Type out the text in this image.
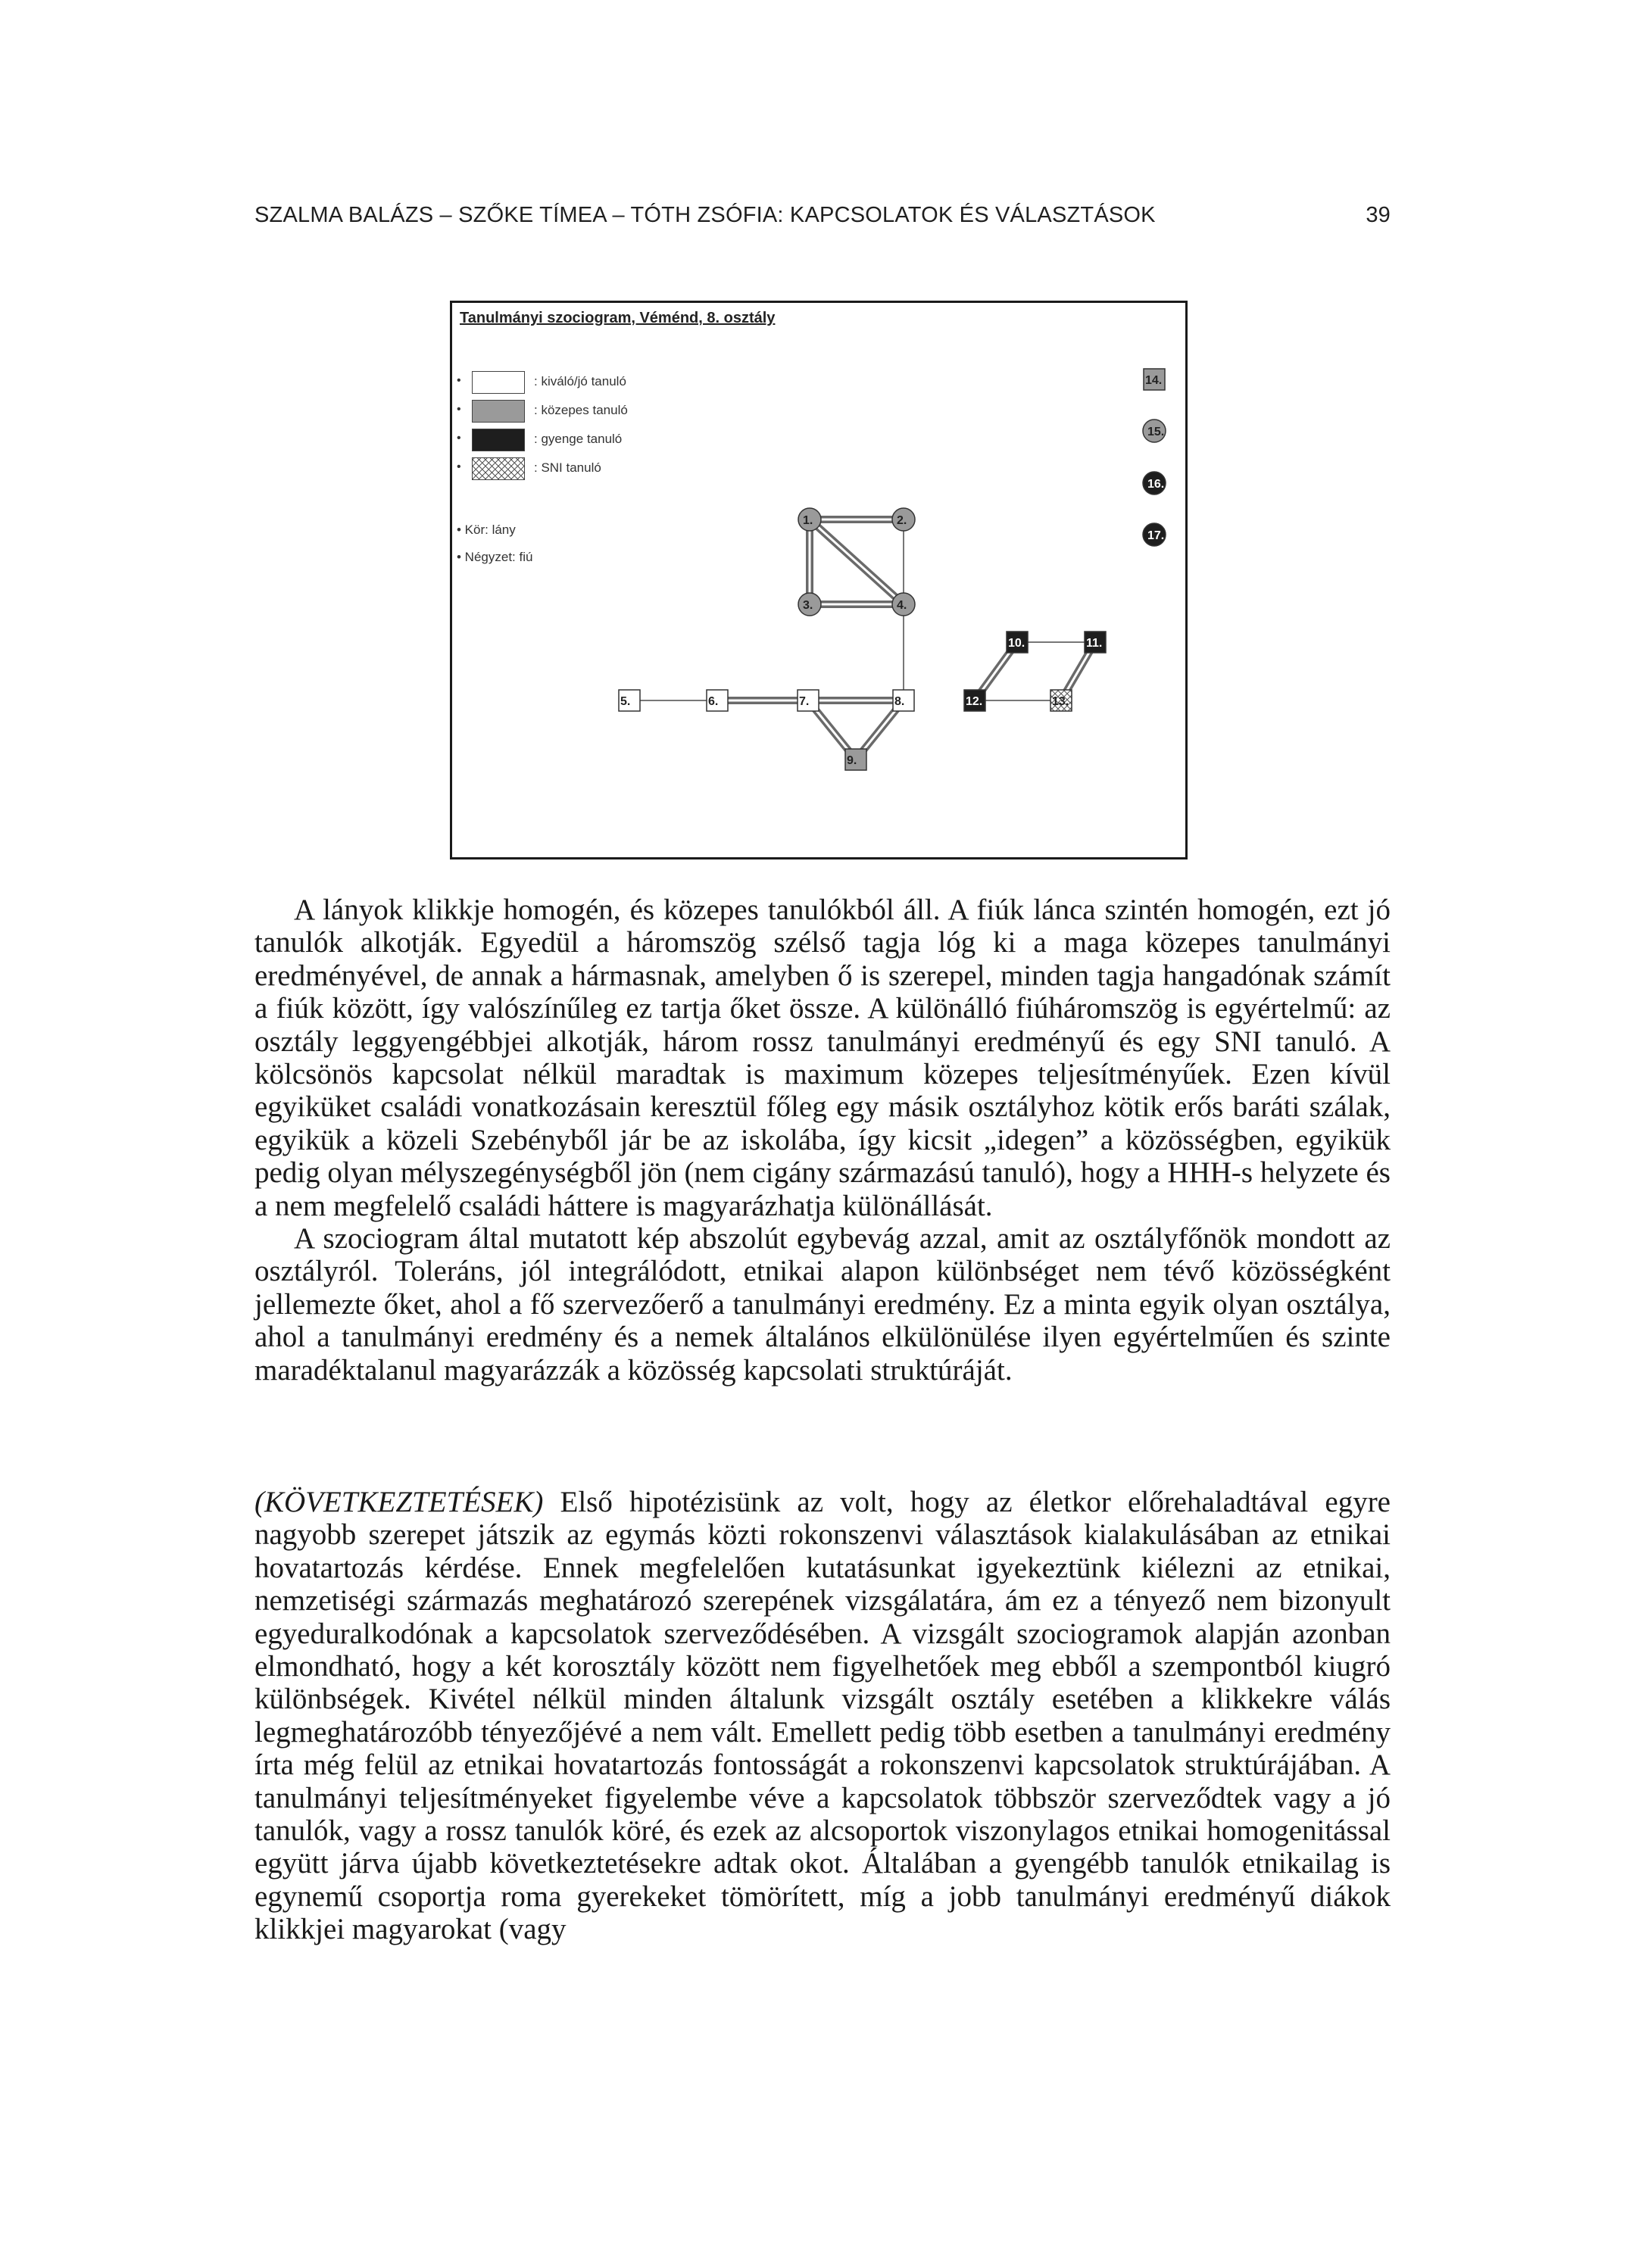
SZALMA BALÁZS – SZŐKE TÍMEA – TÓTH ZSÓFIA: KAPCSOLATOK ÉS VÁLASZTÁSOK	39
1.	2.
3.	4.
5.	6.	7.	8.
9.
10.	11.
12.	13.
14.
15.
16.
17.
Tanulmányi szociogram, Véménd, 8. osztály
•	: kiváló/jó tanuló
•	: közepes tanuló
•	: gyenge tanuló
•	: SNI tanuló
• Kör: lány
• Négyzet: fiú

A lányok klikkje homogén, és közepes tanulókból áll. A fiúk lánca szintén homogén, ezt jó tanulók alkotják. Egyedül a háromszög szélső tagja lóg ki a maga közepes tanulmányi eredményével, de annak a hármasnak, amelyben ő is szerepel, minden tagja hangadónak számít a fiúk között, így valószínűleg ez tartja őket össze. A különálló fiúháromszög is egyértelmű: az osztály leggyengébbjei alkotják, három rossz tanulmányi eredményű és egy SNI tanuló. A kölcsönös kapcsolat nélkül maradtak is maximum közepes teljesítményűek. Ezen kívül egyiküket családi vonatkozásain keresztül főleg egy másik osztályhoz kötik erős baráti szálak, egyikük a közeli Szebényből jár be az iskolába, így kicsit „idegen” a közösségben, egyikük pedig olyan mélyszegénységből jön (nem cigány származású tanuló), hogy a HHH-s helyzete és a nem megfelelő családi háttere is magyarázhatja különállását.

A szociogram által mutatott kép abszolút egybevág azzal, amit az osztályfőnök mondott az osztályról. Toleráns, jól integrálódott, etnikai alapon különbséget nem tévő közösségként jellemezte őket, ahol a fő szervezőerő a tanulmányi eredmény. Ez a minta egyik olyan osztálya, ahol a tanulmányi eredmény és a nemek általános elkülönülése ilyen egyértelműen és szinte maradéktalanul magyarázzák a közösség kapcsolati struktúráját.

(KÖVETKEZTETÉSEK) Első hipotézisünk az volt, hogy az életkor előrehaladtával egyre nagyobb szerepet játszik az egymás közti rokonszenvi választások kialakulásában az etnikai hovatartozás kérdése. Ennek megfelelően kutatásunkat igyekeztünk kiélezni az etnikai, nemzetiségi származás meghatározó szerepének vizsgálatára, ám ez a tényező nem bizonyult egyeduralkodónak a kapcsolatok szerveződésében. A vizsgált szociogramok alapján azonban elmondható, hogy a két korosztály között nem figyelhetőek meg ebből a szempontból kiugró különbségek. Kivétel nélkül minden általunk vizsgált osztály esetében a klikkekre válás legmeghatározóbb tényezőjévé a nem vált. Emellett pedig több esetben a tanulmányi eredmény írta még felül az etnikai hovatartozás fontosságát a rokonszenvi kapcsolatok struktúrájában. A tanulmányi teljesítményeket figyelembe véve a kapcsolatok többször szerveződtek vagy a jó tanulók, vagy a rossz tanulók köré, és ezek az alcsoportok viszonylagos etnikai homogenitással együtt járva újabb következtetésekre adtak okot. Általában a gyengébb tanulók etnikailag is egynemű csoportja roma gyerekeket tömörített, míg a jobb tanulmányi eredményű diákok klikkjei magyarokat (vagy
